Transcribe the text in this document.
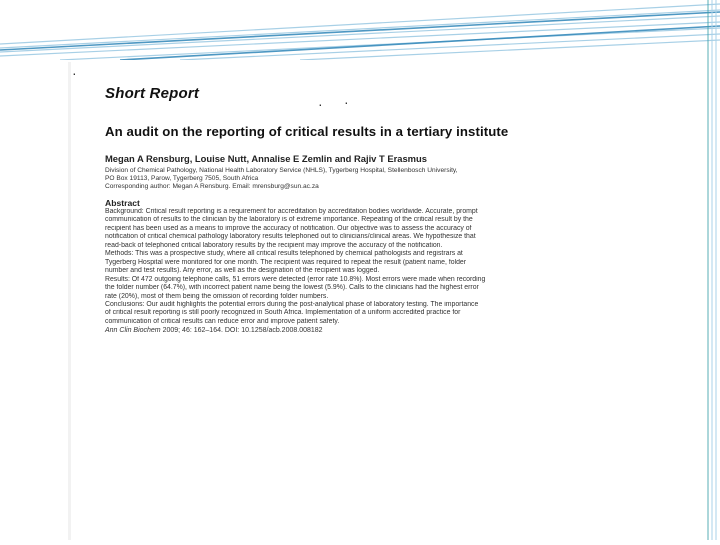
·
· ·
Short Report
An audit on the reporting of critical results in a tertiary institute
Megan A Rensburg, Louise Nutt, Annalise E Zemlin and Rajiv T Erasmus
Division of Chemical Pathology, National Health Laboratory Service (NHLS), Tygerberg Hospital, Stellenbosch University,
PO Box 19113, Parow, Tygerberg 7505, South Africa
Corresponding author: Megan A Rensburg. Email: mrensburg@sun.ac.za
Abstract
Background: Critical result reporting is a requirement for accreditation by accreditation bodies worldwide. Accurate, prompt
communication of results to the clinician by the laboratory is of extreme importance. Repeating of the critical result by the
recipient has been used as a means to improve the accuracy of notification. Our objective was to assess the accuracy of
notification of critical chemical pathology laboratory results telephoned out to clinicians/clinical areas. We hypothesize that
read-back of telephoned critical laboratory results by the recipient may improve the accuracy of the notification.
Methods: This was a prospective study, where all critical results telephoned by chemical pathologists and registrars at
Tygerberg Hospital were monitored for one month. The recipient was required to repeat the result (patient name, folder
number and test results). Any error, as well as the designation of the recipient was logged.
Results: Of 472 outgoing telephone calls, 51 errors were detected (error rate 10.8%). Most errors were made when recording
the folder number (64.7%), with incorrect patient name being the lowest (5.9%). Calls to the clinicians had the highest error
rate (20%), most of them being the omission of recording folder numbers.
Conclusions: Our audit highlights the potential errors during the post-analytical phase of laboratory testing. The importance
of critical result reporting is still poorly recognized in South Africa. Implementation of a uniform accredited practice for
communication of critical results can reduce error and improve patient safety.
Ann Clin Biochem 2009; 46: 162–164. DOI: 10.1258/acb.2008.008182
